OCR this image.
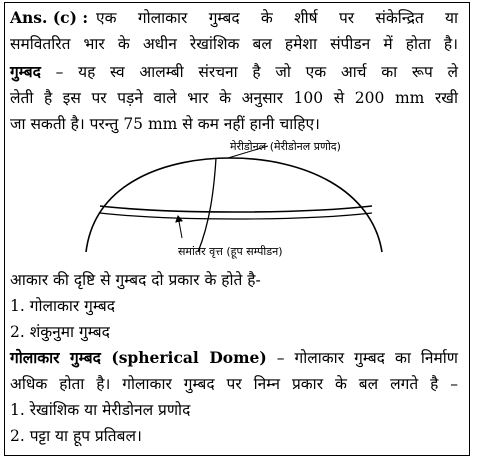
Ans. (c) : एक गोलाकार गुम्बद के शीर्ष पर संकेन्द्रित या
समवितरित भार के अधीन रेखांशिक बल हमेशा संपीडन में होता है।
गुम्बद – यह स्व आलम्बी संरचना है जो एक आर्च का रूप ले
लेती है इस पर पड़ने वाले भार के अनुसार 100 से 200 mm रखी
जा सकती है। परन्तु 75 mm से कम नहीं हानी चाहिए।
मेरीडोनल (मेरीडोनल प्रणोद)
समांतर वृत्त (हूप सम्पीडन)
आकार की दृष्टि से गुम्बद दो प्रकार के होते है-
1. गोलाकार गुम्बद
2. शंकुनुमा गुम्बद
गोलाकार गुम्बद (spherical Dome) – गोलाकार गुम्बद का निर्माण
अधिक होता है। गोलाकार गुम्बद पर निम्न प्रकार के बल लगते है –
1. रेखांशिक या मेरीडोनल प्रणोद
2. पट्टा या हूप प्रतिबल।
